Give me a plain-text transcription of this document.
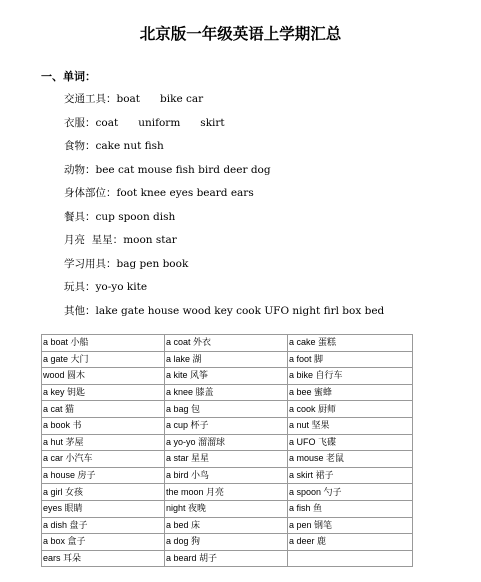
北京版一年级英语上学期汇总
一、单词：
交通工具：boat      bike car
衣服：coat      uniform      skirt
食物：cake nut fish
动物：bee cat mouse fish bird deer dog
身体部位：foot knee eyes beard ears
餐具：cup spoon dish
月亮  星星：moon star
学习用具：bag pen book
玩具：yo-yo kite
其他：lake gate house wood key cook UFO night firl box bed
a boat 小船	a coat 外衣	a cake 蛋糕
a gate 大门	a lake 湖	a foot 脚
wood 圆木	a kite 风筝	a bike 自行车
a key 钥匙	a knee 膝盖	a bee 蜜蜂
a cat 猫	a bag 包	a cook 厨师
a book 书	a cup 杯子	a nut 坚果
a hut 茅屋	a yo-yo 溜溜球	a UFO 飞碟
a car 小汽车	a star 星星	a mouse 老鼠
a house 房子	a bird 小鸟	a skirt 裙子
a girl 女孩	the moon 月亮	a spoon 勺子
eyes 眼睛	night 夜晚	a fish 鱼
a dish 盘子	a bed 床	a pen 钢笔
a box 盒子	a dog 狗	a deer 鹿
ears 耳朵	a beard 胡子	
